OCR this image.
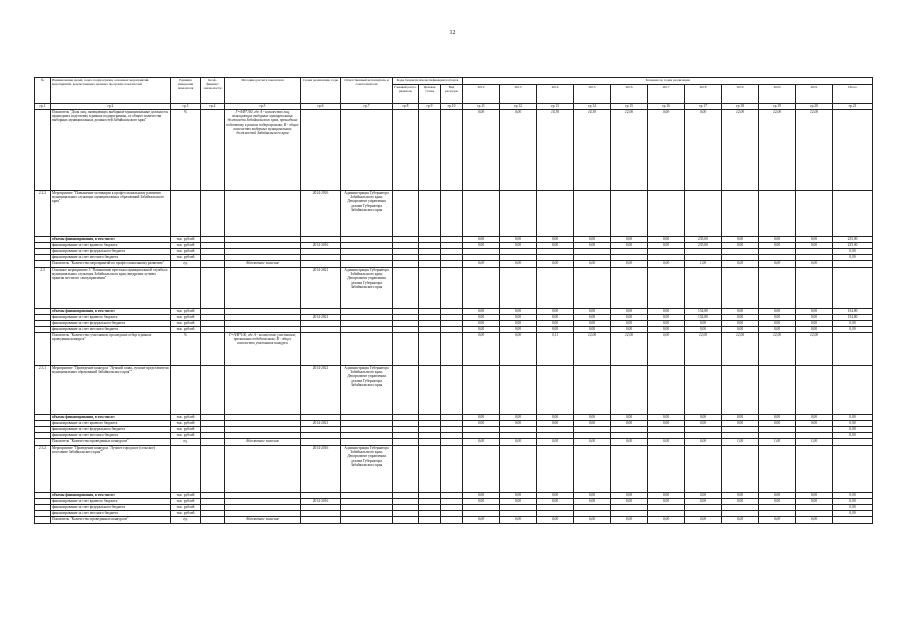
12
№	Наименование целей, задач, подпрограмм, основных мероприятий, мероприятий, ведомственных целевых программ, показателей	Единица измерения показателя	Коэф-фициент значи-мости	Методика расчета показателя	Сроки реализации, годы	Ответственный исполнитель и соисполнители	Коды бюджетной классификации расходов			Значения по годам реализации										
							Главный распо-рядитель	Целевая статья	Вид расходов	2012	2013	2014	2015	2016	2017	2018	2019	2020	2021	Итого
гр.1	гр.2	гр.3	гр.4	гр.5	гр.6	гр.7	гр.8	гр.9	гр.10	гр.11	гр.12	гр.13	гр.14	гр.15	гр.16	гр.17	гр.18	гр.19	гр.20	гр.21
	Показатель "Доля лиц, замещающих выборные муниципальные должности, прошедших подготовку в рамках подпрограммы, от общего количества выборных муниципальных должностей Забайкальского края"	%		Г=А/В*100, где А - количество лиц, замещающих выборные муниципальные должности Забайкальского края, прошедших подготовку в рамках подпрограммы; В - общее количество выборных муниципальных должностей Забайкальского края						0,00	0,00	14,30	14,30	12,00	0,00	0,00	12,00	12,00	12,00	
2.2.2	Мероприятие "Повышение мотивации к профессиональному развитию муниципальных служащих муниципальных образований Забайкальского края"				2014-2016	Администрация Губернатора Забайкальского края; Департамент управления делами Губернатора Забайкальского края														
	объемы финансирования, в том числе:	тыс. рублей								0,00	0,00	0,00	0,00	0,00	0,00	235,00	0,00	0,00	0,00	235,00
	финансирование за счет краевого бюджета	тыс. рублей			2014-2016					0,00	0,00	0,00	0,00	0,00	0,00	235,00	0,00	0,00	0,00	235,00
	финансирование за счет федерального бюджета	тыс. рублей																		0,00
	финансирование за счет местного бюджета	тыс. рублей																		0,00
	Показатель "Количество мероприятий по профессиональному развитию"	ед.		Абсолютное значение						0,00	0,00	0,00	0,00	0,00	0,00	1,00	0,00	0,00	0,00	
2.3	Основное мероприятие 3 "Повышение престижа муниципальной службы и муниципальных служащих Забайкальского края, внедрение лучших практик местного самоуправления"				2014-2021	Администрация Губернатора Забайкальского края; Департамент управления делами Губернатора Забайкальского края														
	объемы финансирования, в том числе:	тыс. рублей								0,00	0,00	0,00	0,00	0,00	0,00	154,80	0,00	0,00	0,00	154,80
	финансирование за счет краевого бюджета	тыс. рублей			2014-2021					0,00	0,00	0,00	0,00	0,00	0,00	154,80	0,00	0,00	0,00	154,80
	финансирование за счет федерального бюджета	тыс. рублей								0,00	0,00	0,00	0,00	0,00	0,00	0,00	0,00	0,00	0,00	0,00
	финансирование за счет местного бюджета	тыс. рублей								0,00	0,00	0,00	0,00	0,00	0,00	0,00	0,00	0,00	0,00	0,00
	Показатель "Количество участников, прошедших отбор в рамках проведения конкурса"	%		Г=А/В*100, где А - количество участников, признанных победителями; В - общее количество участников конкурса						0,00	0,00	0,11	12,00	12,00	0,00	12,00	12,00	12,00	12,00	
2.3.1	Мероприятие "Проведение конкурса "Лучший глава, лучшие представители муниципальных образований Забайкальского края""				2014-2021	Администрация Губернатора Забайкальского края; Департамент управления делами Губернатора Забайкальского края														
	объемы финансирования, в том числе:	тыс. рублей								0,00	0,00	0,00	0,00	0,00	0,00	0,00	0,00	0,00	0,00	0,00
	финансирование за счет краевого бюджета	тыс. рублей			2014-2021					0,00	0,00	0,00	0,00	0,00	0,00	0,00	0,00	0,00	0,00	0,00
	финансирование за счет федерального бюджета	тыс. рублей																		0,00
	финансирование за счет местного бюджета	тыс. рублей																		0,00
	Показатель "Количество проведенных конкурсов"	ед.		Абсолютное значение						0,00	0,00	0,00	0,00	0,00	0,00	0,00	1,00	1,00	1,00	
2.3.2	Мероприятие "Проведение конкурса "Лучшее городское (сельское) поселение Забайкальского края""				2014-2016	Администрация Губернатора Забайкальского края; Департамент управления делами Губернатора Забайкальского края														
	объемы финансирования, в том числе:	тыс. рублей								0,00	0,00	0,00	0,00	0,00	0,00	0,00	0,00	0,00	0,00	0,00
	финансирование за счет краевого бюджета	тыс. рублей			2014-2016					0,00	0,00	0,00	0,00	0,00	0,00	0,00	0,00	0,00	0,00	0,00
	финансирование за счет федерального бюджета	тыс. рублей																		0,00
	финансирование за счет местного бюджета	тыс. рублей																		0,00
	Показатель "Количество проведенных конкурсов"	ед.		Абсолютное значение						0,00	0,00	0,00	0,00	0,00	0,00	0,00	0,00	0,00	0,00	
